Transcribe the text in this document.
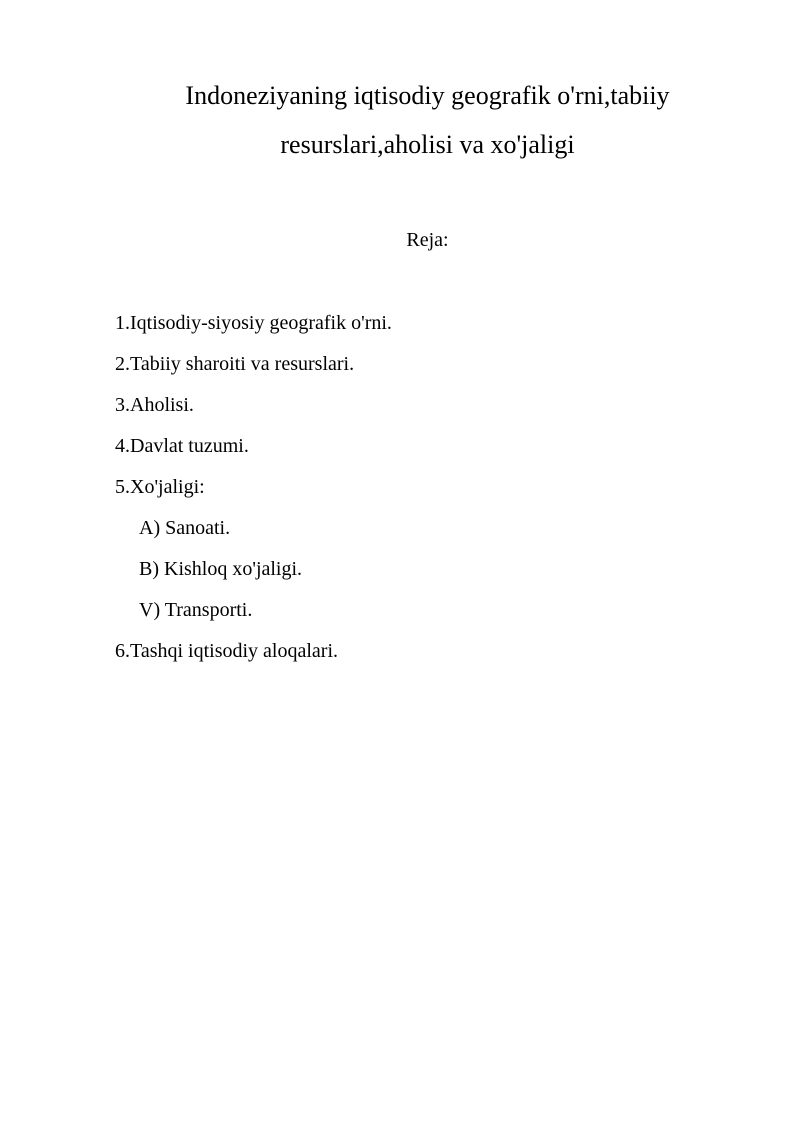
Indoneziyaning iqtisodiy geografik o'rni,tabiiy
resurslari,aholisi va xo'jaligi
Reja:
1.Iqtisodiy-siyosiy geografik o'rni.
2.Tabiiy sharoiti va resurslari.
3.Aholisi.
4.Davlat tuzumi.
5.Xo'jaligi:
A) Sanoati.
B) Kishloq xo'jaligi.
V) Transporti.
6.Tashqi iqtisodiy aloqalari.
